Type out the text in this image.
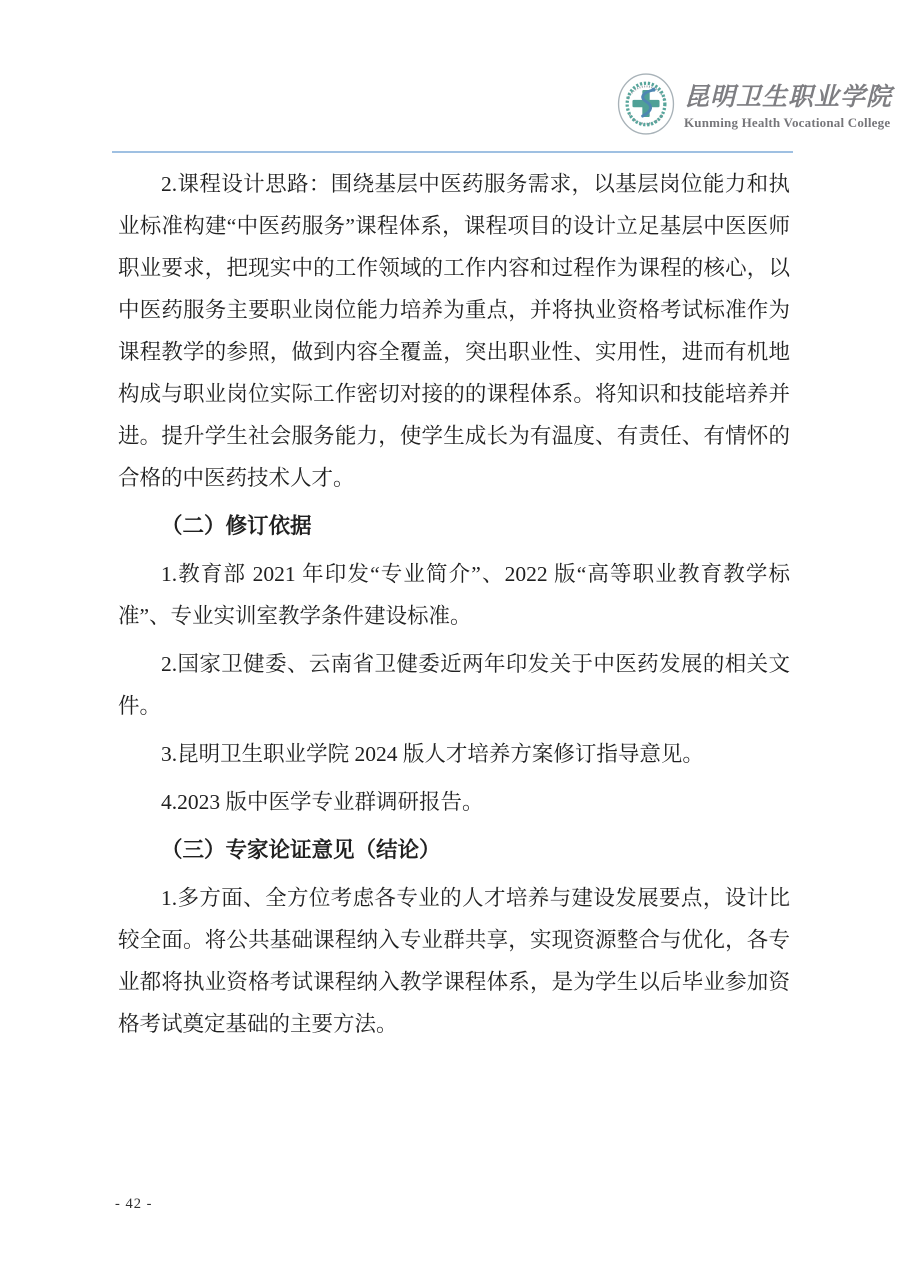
昆明卫生职业学院
Kunming Health Vocational College

2.课程设计思路：围绕基层中医药服务需求，以基层岗位能力和执业标准构建“中医药服务”课程体系，课程项目的设计立足基层中医医师职业要求，把现实中的工作领域的工作内容和过程作为课程的核心，以中医药服务主要职业岗位能力培养为重点，并将执业资格考试标准作为课程教学的参照，做到内容全覆盖，突出职业性、实用性，进而有机地构成与职业岗位实际工作密切对接的的课程体系。将知识和技能培养并进。提升学生社会服务能力，使学生成长为有温度、有责任、有情怀的合格的中医药技术人才。

（二）修订依据

1.教育部 2021 年印发“专业简介”、2022 版“高等职业教育教学标准”、专业实训室教学条件建设标准。

2.国家卫健委、云南省卫健委近两年印发关于中医药发展的相关文件。

3.昆明卫生职业学院 2024 版人才培养方案修订指导意见。

4.2023 版中医学专业群调研报告。

（三）专家论证意见（结论）

1.多方面、全方位考虑各专业的人才培养与建设发展要点，设计比较全面。将公共基础课程纳入专业群共享，实现资源整合与优化，各专业都将执业资格考试课程纳入教学课程体系，是为学生以后毕业参加资格考试奠定基础的主要方法。

- 42 -
